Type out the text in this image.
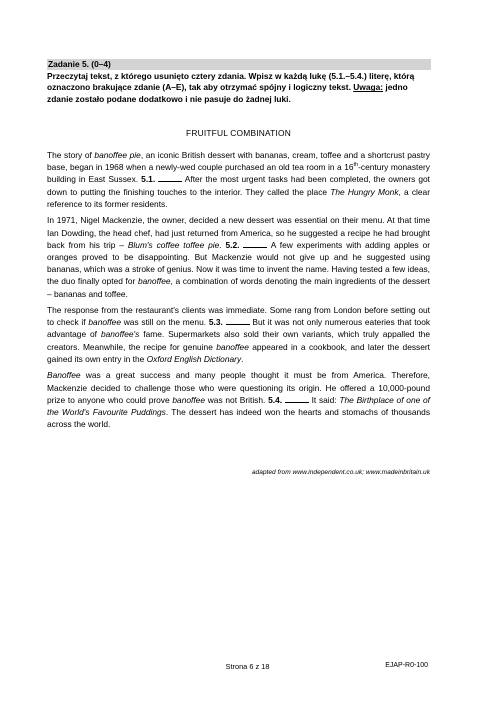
Zadanie 5. (0–4)
Przeczytaj tekst, z którego usunięto cztery zdania. Wpisz w każdą lukę (5.1.–5.4.) literę, którą oznaczono brakujące zdanie (A–E), tak aby otrzymać spójny i logiczny tekst. Uwaga: jedno zdanie zostało podane dodatkowo i nie pasuje do żadnej luki.
FRUITFUL COMBINATION

The story of banoffee pie, an iconic British dessert with bananas, cream, toffee and a shortcrust pastry base, began in 1968 when a newly-wed couple purchased an old tea room in a 16th-century monastery building in East Sussex. 5.1.	After the most urgent tasks had been completed, the owners got down to putting the finishing touches to the interior. They called the place The Hungry Monk, a clear reference to its former residents.

In 1971, Nigel Mackenzie, the owner, decided a new dessert was essential on their menu. At that time Ian Dowding, the head chef, had just returned from America, so he suggested a recipe he had brought back from his trip – Blum's coffee toffee pie. 5.2.	A few experiments with adding apples or oranges proved to be disappointing. But Mackenzie would not give up and he suggested using bananas, which was a stroke of genius. Now it was time to invent the name. Having tested a few ideas, the duo finally opted for banoffee, a combination of words denoting the main ingredients of the dessert – bananas and toffee.

The response from the restaurant's clients was immediate. Some rang from London before setting out to check if banoffee was still on the menu. 5.3.	But it was not only numerous eateries that took advantage of banoffee's fame. Supermarkets also sold their own variants, which truly appalled the creators. Meanwhile, the recipe for genuine banoffee appeared in a cookbook, and later the dessert gained its own entry in the Oxford English Dictionary.

Banoffee was a great success and many people thought it must be from America. Therefore, Mackenzie decided to challenge those who were questioning its origin. He offered a 10,000-pound prize to anyone who could prove banoffee was not British. 5.4.	It said: The Birthplace of one of the World's Favourite Puddings. The dessert has indeed won the hearts and stomachs of thousands across the world.

adapted from www.independent.co.uk; www.madeinbritain.uk
Strona 6 z 18	EJAP-R0-100
